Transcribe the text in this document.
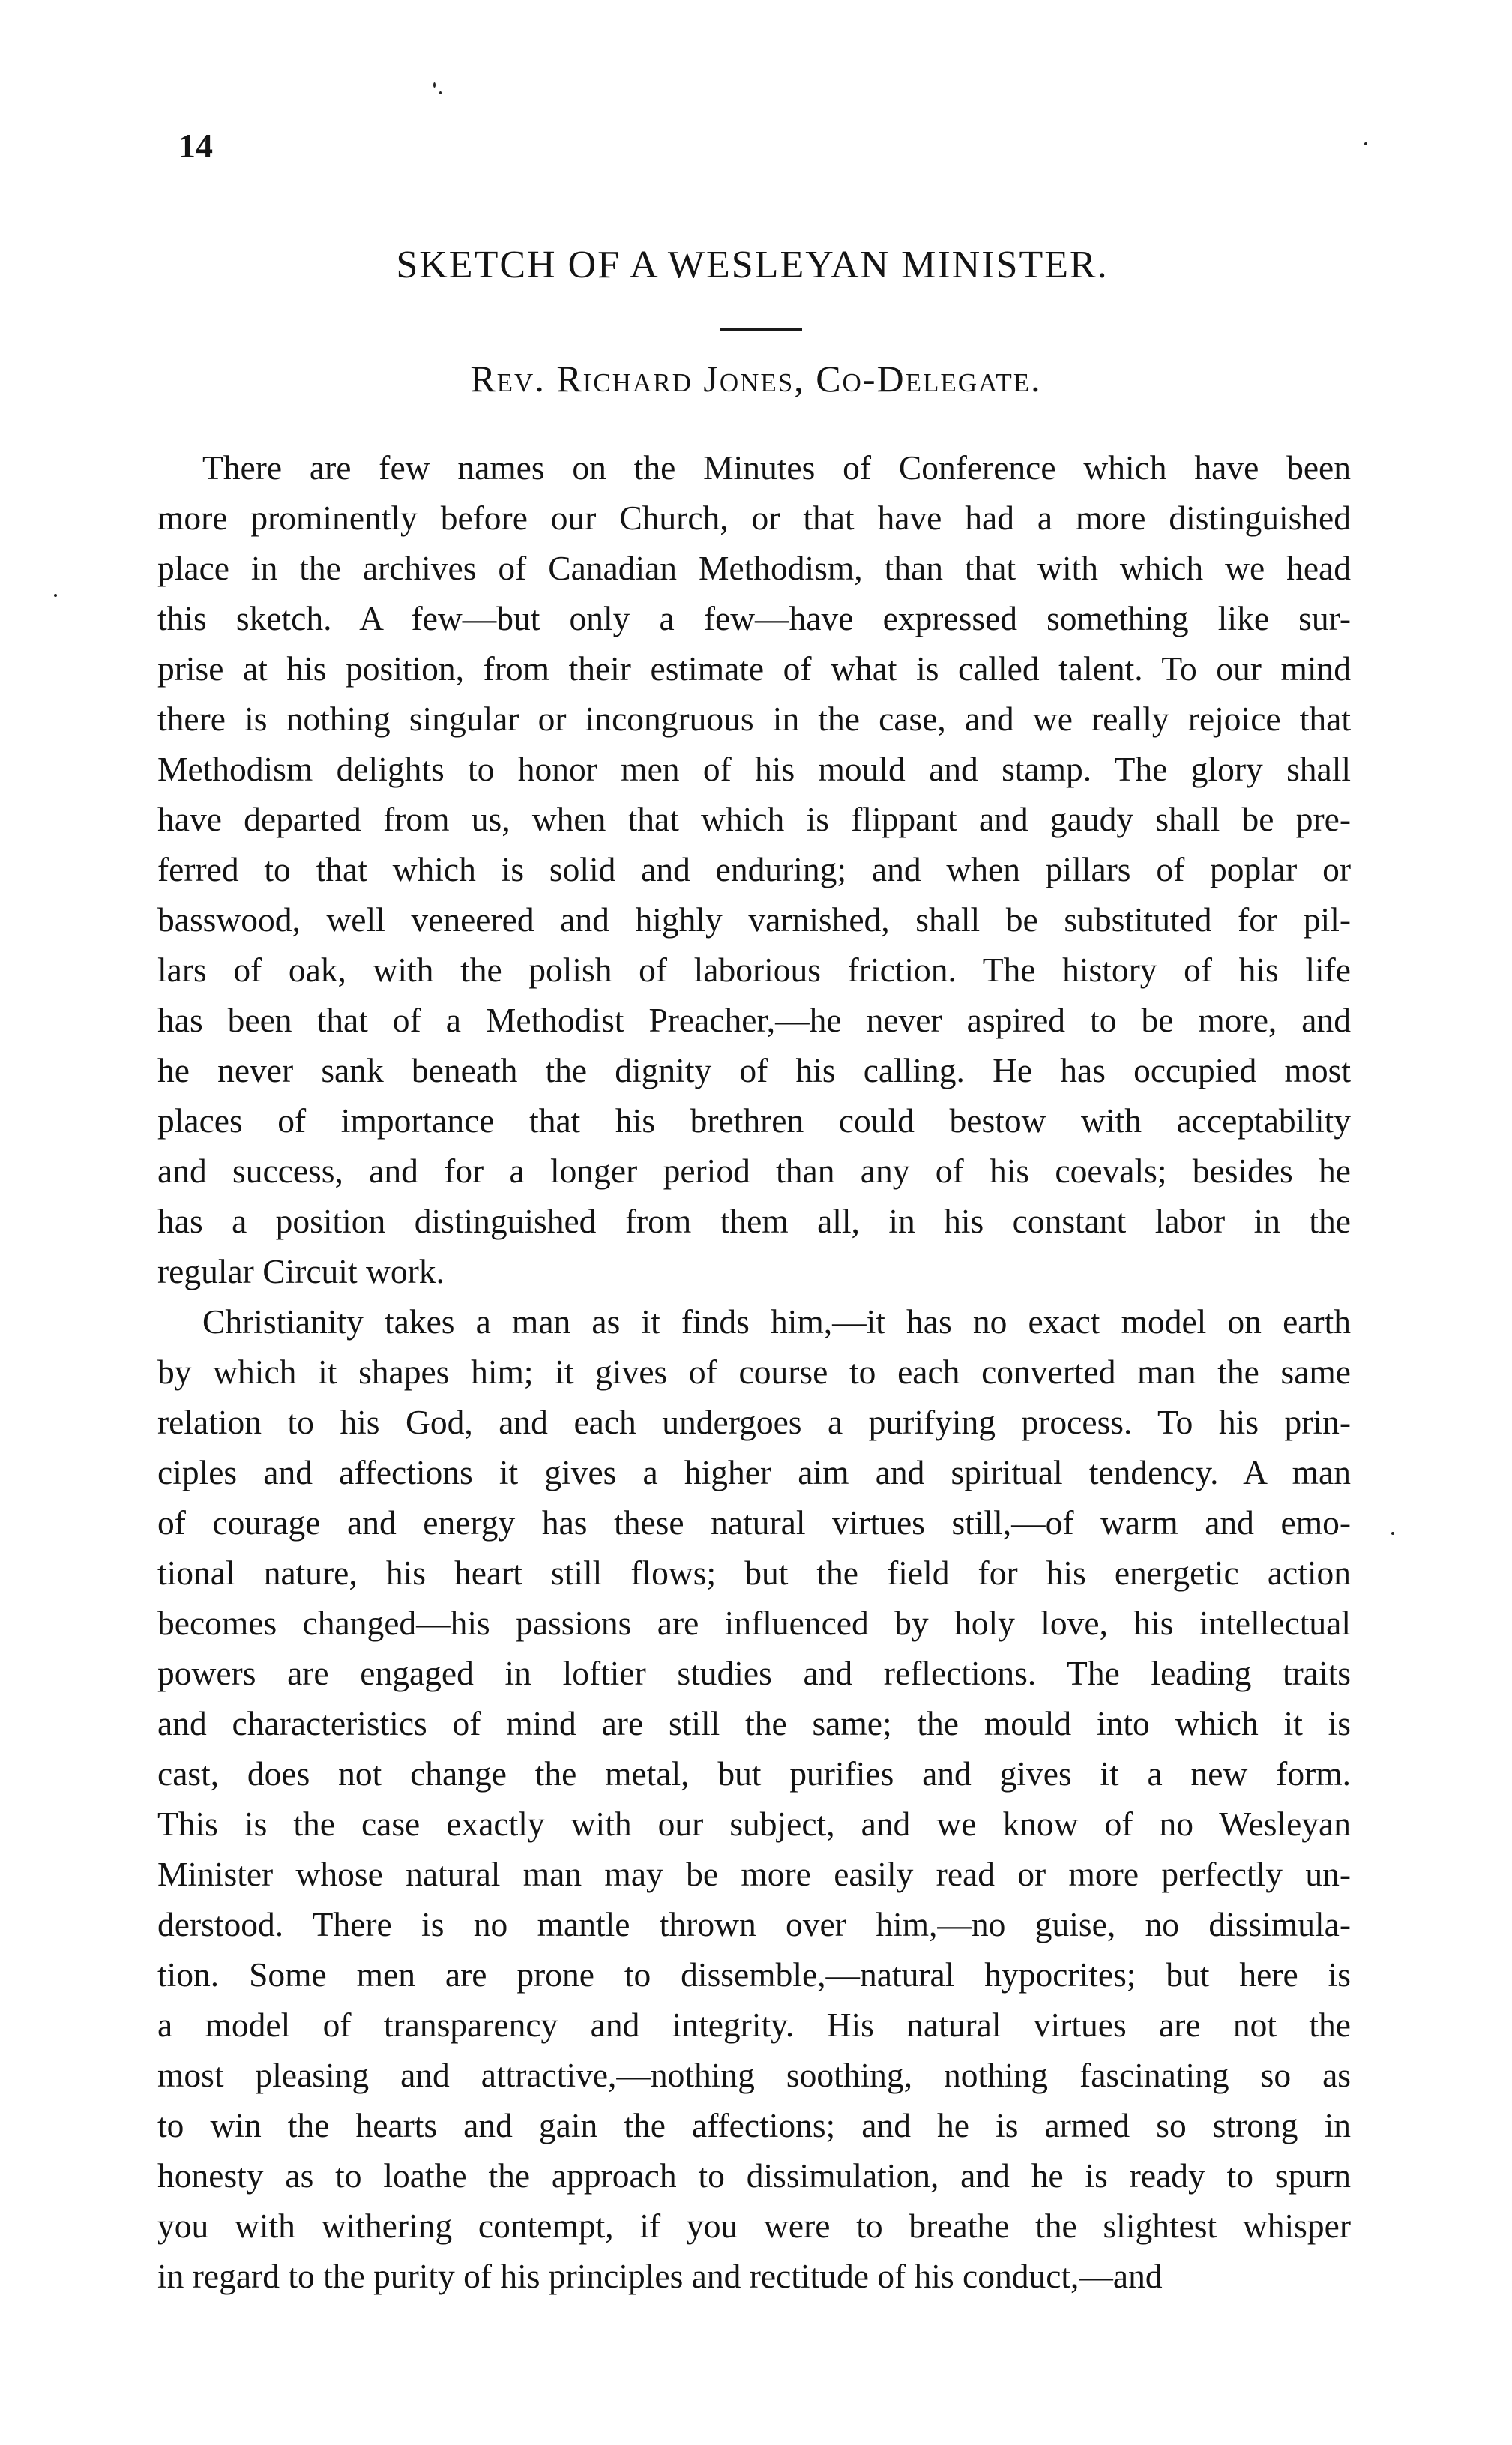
14
SKETCH OF A WESLEYAN MINISTER.
Rev. Richard Jones, Co-Delegate.
There are few names on the Minutes of Conference which have been
more prominently before our Church, or that have had a more distinguished
place in the archives of Canadian Methodism, than that with which we head
this sketch. A few—but only a few—have expressed something like sur-
prise at his position, from their estimate of what is called talent. To our mind
there is nothing singular or incongruous in the case, and we really rejoice that
Methodism delights to honor men of his mould and stamp. The glory shall
have departed from us, when that which is flippant and gaudy shall be pre-
ferred to that which is solid and enduring; and when pillars of poplar or
basswood, well veneered and highly varnished, shall be substituted for pil-
lars of oak, with the polish of laborious friction. The history of his life
has been that of a Methodist Preacher,—he never aspired to be more, and
he never sank beneath the dignity of his calling. He has occupied most
places of importance that his brethren could bestow with acceptability
and success, and for a longer period than any of his coevals; besides he
has a position distinguished from them all, in his constant labor in the
regular Circuit work.
Christianity takes a man as it finds him,—it has no exact model on earth
by which it shapes him; it gives of course to each converted man the same
relation to his God, and each undergoes a purifying process. To his prin-
ciples and affections it gives a higher aim and spiritual tendency. A man
of courage and energy has these natural virtues still,—of warm and emo-
tional nature, his heart still flows; but the field for his energetic action
becomes changed—his passions are influenced by holy love, his intellectual
powers are engaged in loftier studies and reflections. The leading traits
and characteristics of mind are still the same; the mould into which it is
cast, does not change the metal, but purifies and gives it a new form.
This is the case exactly with our subject, and we know of no Wesleyan
Minister whose natural man may be more easily read or more perfectly un-
derstood. There is no mantle thrown over him,—no guise, no dissimula-
tion. Some men are prone to dissemble,—natural hypocrites; but here is
a model of transparency and integrity. His natural virtues are not the
most pleasing and attractive,—nothing soothing, nothing fascinating so as
to win the hearts and gain the affections; and he is armed so strong in
honesty as to loathe the approach to dissimulation, and he is ready to spurn
you with withering contempt, if you were to breathe the slightest whisper
in regard to the purity of his principles and rectitude of his conduct,—and
